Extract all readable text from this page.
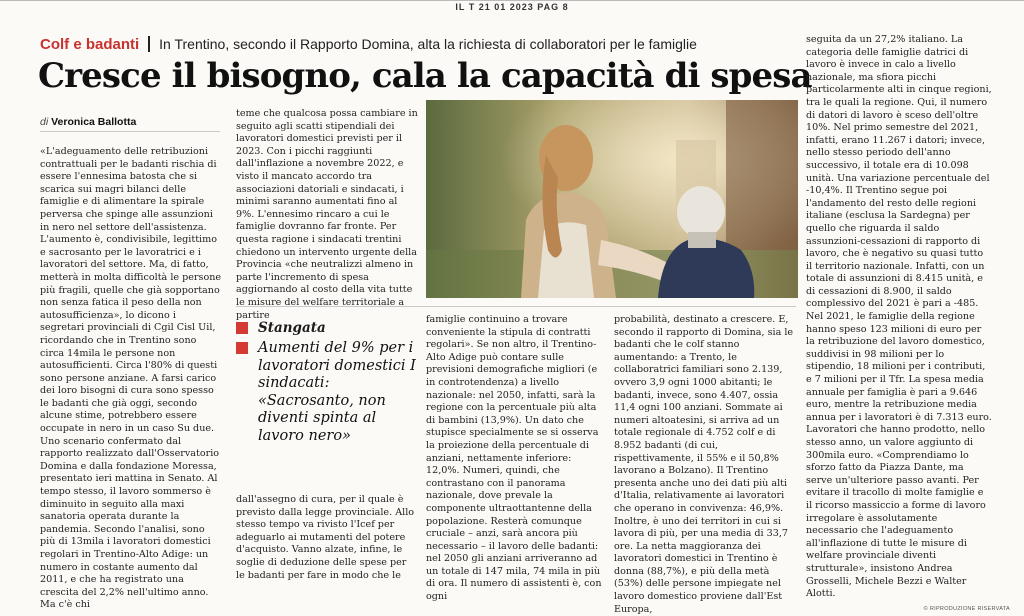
IL T 21 01 2023 PAG 8
Colf e badanti In Trentino, secondo il Rapporto Domina, alta la richiesta di collaboratori per le famiglie
Cresce il bisogno, cala la capacità di spesa
di Veronica Ballotta

«L'adeguamento delle retribuzioni contrattuali per le badanti rischia di essere l'ennesima batosta che si scarica sui magri bilanci delle famiglie e di alimentare la spirale perversa che spinge alle assunzioni in nero nel settore dell'assistenza. L'aumento è, condivisibile, legittimo e sacrosanto per le lavoratrici e i lavoratori del settore. Ma, di fatto, metterà in molta difficoltà le persone più fragili, quelle che già sopportano non senza fatica il peso della non autosufficienza», lo dicono i segretari provinciali di Cgil Cisl Uil, ricordando che in Trentino sono circa 14mila le persone non autosufficienti. Circa l'80% di questi sono persone anziane. A farsi carico dei loro bisogni di cura sono spesso le badanti che già oggi, secondo alcune stime, potrebbero essere occupate in nero in un caso Su due.

Uno scenario confermato dal rapporto realizzato dall'Osservatorio Domina e dalla fondazione Moressa, presentato ieri mattina in Senato. Al tempo stesso, il lavoro sommerso è diminuito in seguito alla maxi sanatoria operata durante la pandemia. Secondo l'analisi, sono più di 13mila i lavoratori domestici regolari in Trentino-Alto Adige: un numero in costante aumento dal 2011, e che ha registrato una crescita del 2,2% nell'ultimo anno. Ma c'è chi

teme che qualcosa possa cambiare in seguito agli scatti stipendiali dei lavoratori domestici previsti per il 2023. Con i picchi raggiunti dall'inflazione a novembre 2022, e visto il mancato accordo tra associazioni datoriali e sindacati, i minimi saranno aumentati fino al 9%. L'ennesimo rincaro a cui le famiglie dovranno far fronte. Per questa ragione i sindacati trentini chiedono un intervento urgente della Provincia «che neutralizzi almeno in parte l'incremento di spesa aggiornando al costo della vita tutte le misure del welfare territoriale a partire

Stangata
Aumenti del 9% per i lavoratori domestici I sindacati: «Sacrosanto, non diventi spinta al lavoro nero»

dall'assegno di cura, per il quale è previsto dalla legge provinciale. Allo stesso tempo va rivisto l'Icef per adeguarlo ai mutamenti del potere d'acquisto. Vanno alzate, infine, le soglie di deduzione delle spese per le badanti per fare in modo che le

famiglie continuino a trovare conveniente la stipula di contratti regolari». Se non altro, il Trentino-Alto Adige può contare sulle previsioni demografiche migliori (e in controtendenza) a livello nazionale: nel 2050, infatti, sarà la regione con la percentuale più alta di bambini (13,9%). Un dato che stupisce specialmente se si osserva la proiezione della percentuale di anziani, nettamente inferiore: 12,0%. Numeri, quindi, che contrastano con il panorama nazionale, dove prevale la componente ultraottantenne della popolazione. Resterà comunque cruciale – anzi, sarà ancora più necessario – il lavoro delle badanti: nel 2050 gli anziani arriveranno ad un totale di 147 mila, 74 mila in più di ora. Il numero di assistenti è, con ogni

probabilità, destinato a crescere. E, secondo il rapporto di Domina, sia le badanti che le colf stanno aumentando: a Trento, le collaboratrici familiari sono 2.139, ovvero 3,9 ogni 1000 abitanti; le badanti, invece, sono 4.407, ossia 11,4 ogni 100 anziani. Sommate ai numeri altoatesini, si arriva ad un totale regionale di 4.752 colf e di 8.952 badanti (di cui, rispettivamente, il 55% e il 50,8% lavorano a Bolzano). Il Trentino presenta anche uno dei dati più alti d'Italia, relativamente ai lavoratori che operano in convivenza: 46,9%. Inoltre, è uno dei territori in cui si lavora di più, per una media di 33,7 ore. La netta maggioranza dei lavoratori domestici in Trentino è donna (88,7%), e più della metà (53%) delle persone impiegate nel lavoro domestico proviene dall'Est Europa,

seguita da un 27,2% italiano. La categoria delle famiglie datrici di lavoro è invece in calo a livello nazionale, ma sfiora picchi particolarmente alti in cinque regioni, tra le quali la regione. Qui, il numero di datori di lavoro è sceso dell'oltre 10%. Nel primo semestre del 2021, infatti, erano 11.267 i datori; invece, nello stesso periodo dell'anno successivo, il totale era di 10.098 unità. Una variazione percentuale del -10,4%. Il Trentino segue poi l'andamento del resto delle regioni italiane (esclusa la Sardegna) per quello che riguarda il saldo assunzioni-cessazioni di rapporto di lavoro, che è negativo su quasi tutto il territorio nazionale. Infatti, con un totale di assunzioni di 8.415 unità, e di cessazioni di 8.900, il saldo complessivo del 2021 è pari a -485. Nel 2021, le famiglie della regione hanno speso 123 milioni di euro per la retribuzione del lavoro domestico, suddivisi in 98 milioni per lo stipendio, 18 milioni per i contributi, e 7 milioni per il Tfr. La spesa media annuale per famiglia è pari a 9.646 euro, mentre la retribuzione media annua per i lavoratori è di 7.313 euro. Lavoratori che hanno prodotto, nello stesso anno, un valore aggiunto di 300mila euro. «Comprendiamo lo sforzo fatto da Piazza Dante, ma serve un'ulteriore passo avanti. Per evitare il tracollo di molte famiglie e il ricorso massiccio a forme di lavoro irregolare è assolutamente necessario che l'adeguamento all'inflazione di tutte le misure di welfare provinciale diventi strutturale», insistono Andrea Grosselli, Michele Bezzi e Walter Alotti.

© RIPRODUZIONE RISERVATA
